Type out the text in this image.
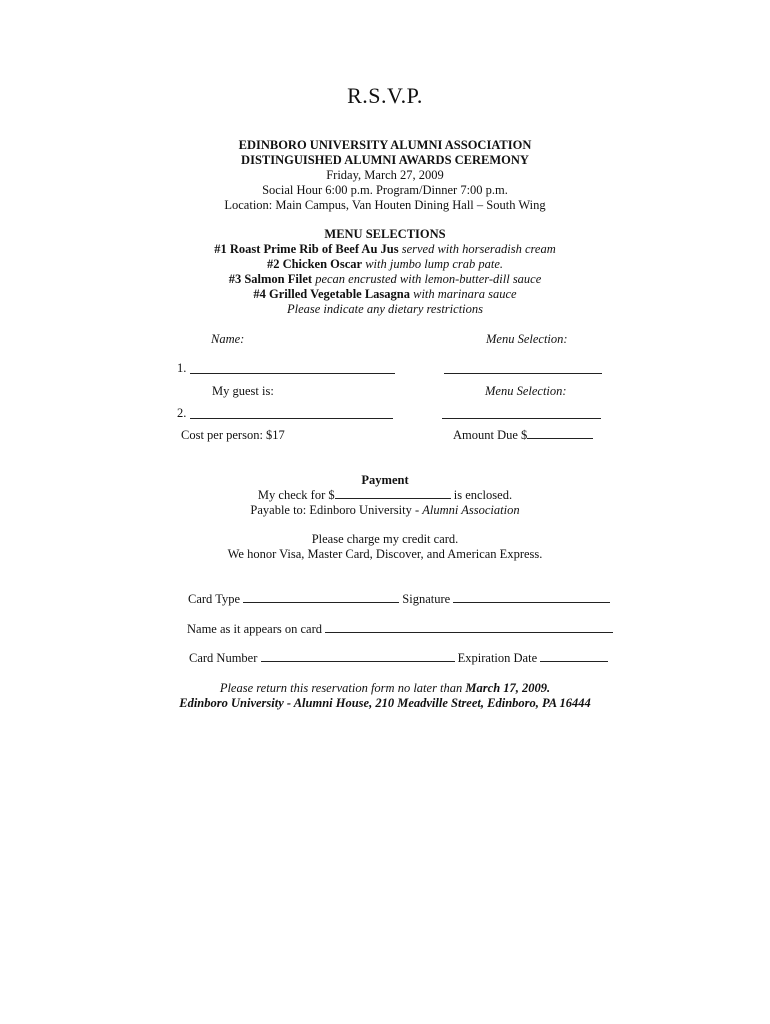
R.S.V.P.
EDINBORO UNIVERSITY ALUMNI ASSOCIATION
DISTINGUISHED ALUMNI AWARDS CEREMONY
Friday, March 27, 2009
Social Hour 6:00 p.m. Program/Dinner 7:00 p.m.
Location: Main Campus, Van Houten Dining Hall – South Wing
MENU SELECTIONS
#1 Roast Prime Rib of Beef Au Jus served with horseradish cream
#2 Chicken Oscar with jumbo lump crab pate.
#3 Salmon Filet pecan encrusted with lemon-butter-dill sauce
#4 Grilled Vegetable Lasagna with marinara sauce
Please indicate any dietary restrictions
Name:	Menu Selection:
1.
My guest is:	Menu Selection:
2.
Cost per person: $17	Amount Due $
Payment
My check for $	is enclosed.
Payable to: Edinboro University - Alumni Association
Please charge my credit card.
We honor Visa, Master Card, Discover, and American Express.
Card Type	Signature
Name as it appears on card
Card Number	Expiration Date
Please return this reservation form no later than March 17, 2009.
Edinboro University - Alumni House, 210 Meadville Street, Edinboro, PA 16444
